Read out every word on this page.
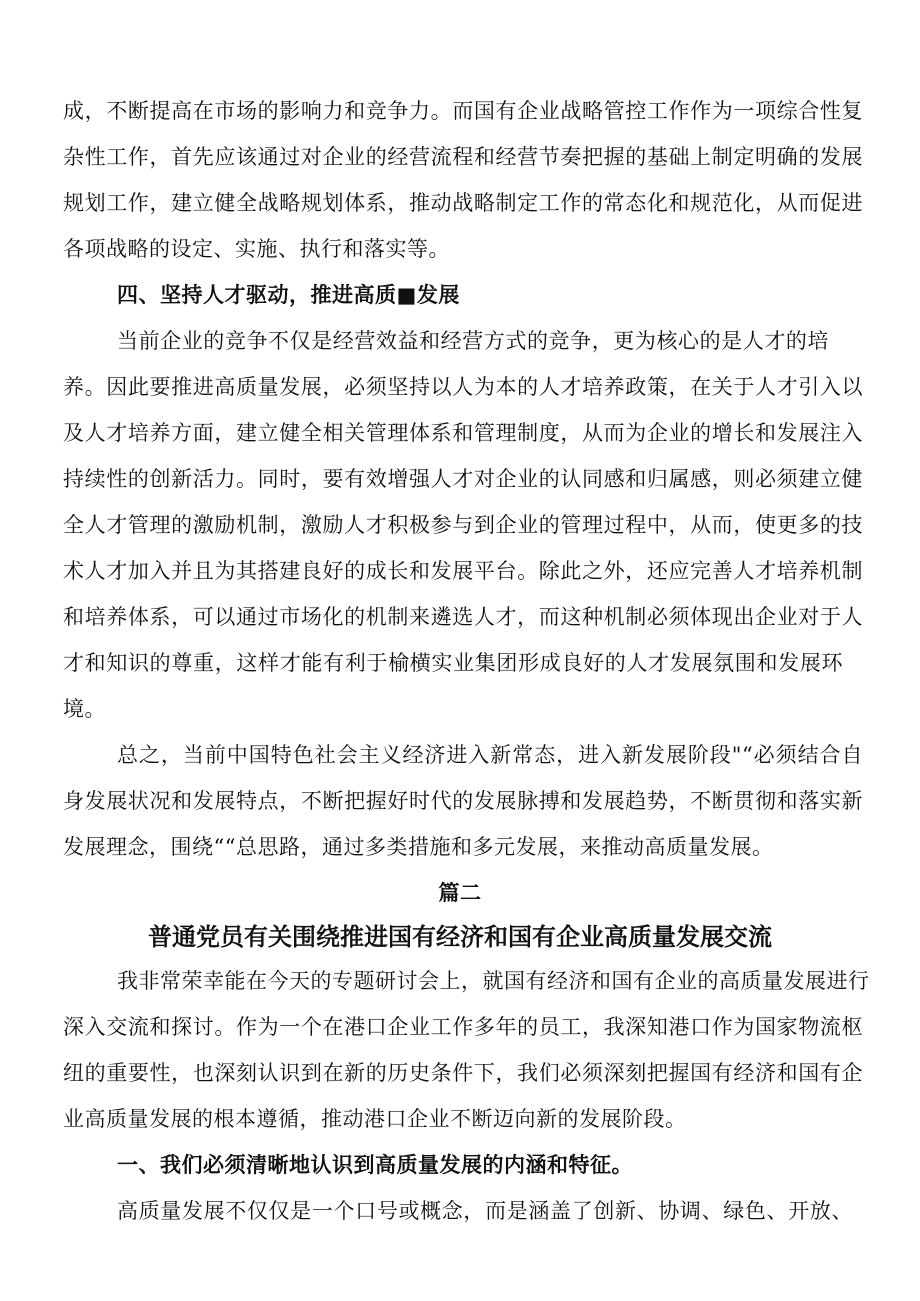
成，不断提高在市场的影响力和竞争力。而国有企业战略管控工作作为一项综合性复
杂性工作，首先应该通过对企业的经营流程和经营节奏把握的基础上制定明确的发展
规划工作，建立健全战略规划体系，推动战略制定工作的常态化和规范化，从而促进
各项战略的设定、实施、执行和落实等。
四、坚持人才驱动，推进高质■发展
当前企业的竞争不仅是经营效益和经营方式的竞争，更为核心的是人才的培
养。因此要推进高质量发展，必须坚持以人为本的人才培养政策，在关于人才引入以
及人才培养方面，建立健全相关管理体系和管理制度，从而为企业的增长和发展注入
持续性的创新活力。同时，要有效增强人才对企业的认同感和归属感，则必须建立健
全人才管理的激励机制，激励人才积极参与到企业的管理过程中，从而，使更多的技
术人才加入并且为其搭建良好的成长和发展平台。除此之外，还应完善人才培养机制
和培养体系，可以通过市场化的机制来遴选人才，而这种机制必须体现出企业对于人
才和知识的尊重，这样才能有利于榆横实业集团形成良好的人才发展氛围和发展环
境。
总之，当前中国特色社会主义经济进入新常态，进入新发展阶段"“必须结合自
身发展状况和发展特点，不断把握好时代的发展脉搏和发展趋势，不断贯彻和落实新
发展理念，围绕““总思路，通过多类措施和多元发展，来推动高质量发展。
篇二
普通党员有关围绕推进国有经济和国有企业高质量发展交流
我非常荣幸能在今天的专题研讨会上，就国有经济和国有企业的高质量发展进行
深入交流和探讨。作为一个在港口企业工作多年的员工，我深知港口作为国家物流枢
纽的重要性，也深刻认识到在新的历史条件下，我们必须深刻把握国有经济和国有企
业高质量发展的根本遵循，推动港口企业不断迈向新的发展阶段。
一、我们必须清晰地认识到高质量发展的内涵和特征。
高质量发展不仅仅是一个口号或概念，而是涵盖了创新、协调、绿色、开放、
